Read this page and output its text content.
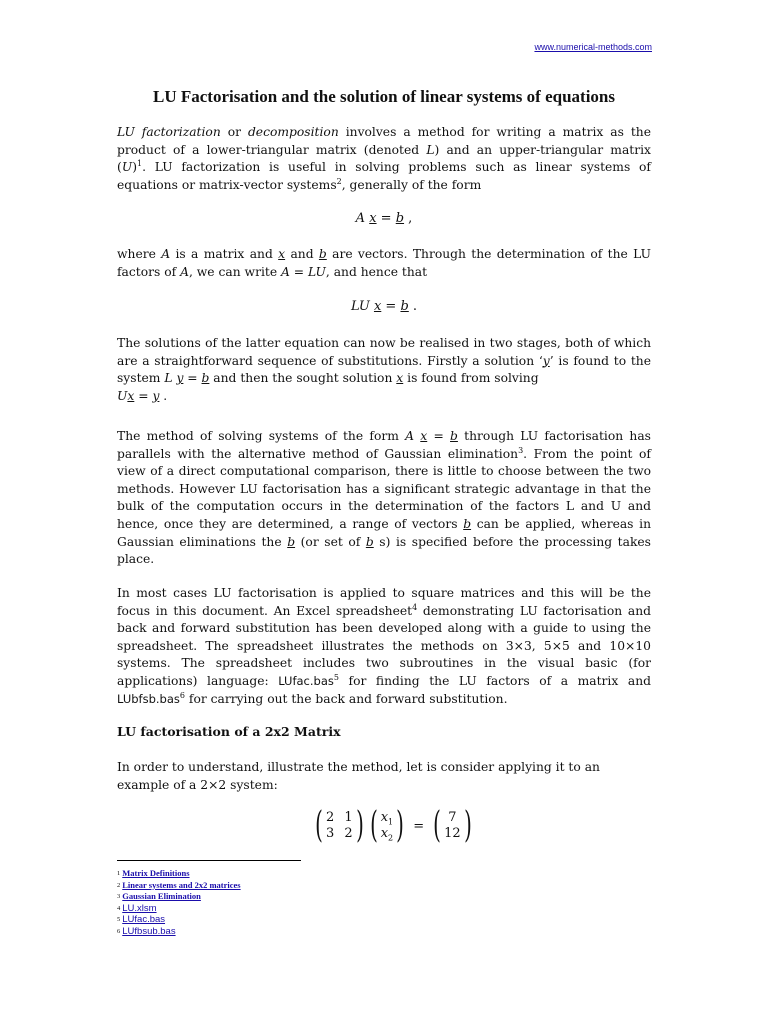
www.numerical-methods.com
LU Factorisation and the solution of linear systems of equations

LU factorization or decomposition involves a method for writing a matrix as the product of a lower-triangular matrix (denoted L) and an upper-triangular matrix $(U)^1$. LU factorization is useful in solving problems such as linear systems of equations or matrix-vector systems$^2$, generally of the form

A x = b ,

where A is a matrix and x and b are vectors. Through the determination of the LU factors of A, we can write A = LU, and hence that

LU x = b .

The solutions of the latter equation can now be realised in two stages, both of which are a straightforward sequence of substitutions. Firstly a solution ‘y’ is found to the system L y = b and then the sought solution x is found from solving
Ux = y .

The method of solving systems of the form A x = b through LU factorisation has parallels with the alternative method of Gaussian elimination$^3$. From the point of view of a direct computational comparison, there is little to choose between the two methods. However LU factorisation has a significant strategic advantage in that the bulk of the computation occurs in the determination of the factors L and U and hence, once they are determined, a range of vectors b can be applied, whereas in Gaussian eliminations the b (or set of b s) is specified before the processing takes place.

In most cases LU factorisation is applied to square matrices and this will be the focus in this document. An Excel spreadsheet$^4$ demonstrating LU factorisation and back and forward substitution has been developed along with a guide to using the spreadsheet. The spreadsheet illustrates the methods on 3×3, 5×5 and 10×10 systems. The spreadsheet includes two subroutines in the visual basic (for applications) language: LUfac.bas$^5$ for finding the LU factors of a matrix and LUbfsb.bas$^6$ for carrying out the back and forward substitution.

LU factorisation of a 2x2 Matrix

In order to understand, illustrate the method, let is consider applying it to an example of a 2×2 system:

( 2 1
3 2 ) ( $x_1$
$x_2$ ) = ( 7
12 )
$^1$ Matrix Definitions
$^2$ Linear systems and 2x2 matrices
$^3$ Gaussian Elimination
$^4$ LU.xlsm
$^5$ LUfac.bas
$^6$ LUfbsub.bas
